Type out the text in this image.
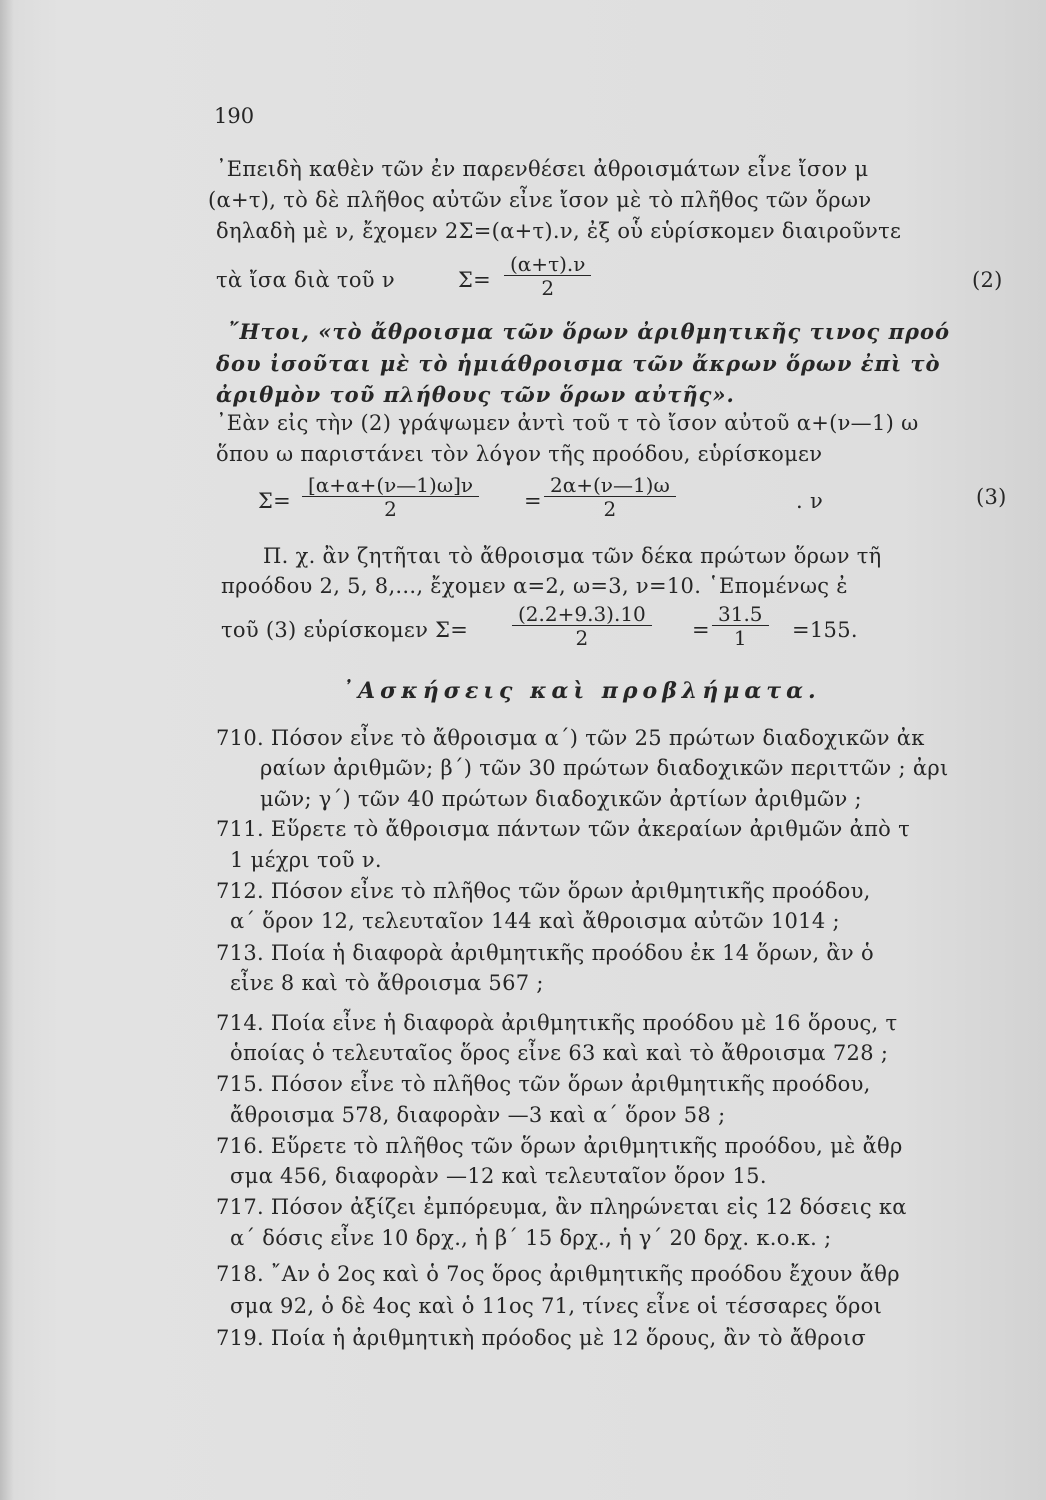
190
᾿Επειδὴ καθὲν τῶν ἐν παρενθέσει ἀθροισμάτων εἶνε ἴσον μ
(α+τ), τὸ δὲ πλῆθος αὐτῶν εἶνε ἴσον μὲ τὸ πλῆθος τῶν ὅρων
δηλαδὴ μὲ ν, ἔχομεν 2Σ=(α+τ).ν, ἐξ οὗ εὑρίσκομεν διαιροῦντε
τὰ ἴσα διὰ τοῦ ν	$\Sigma= \frac{(\alpha+\tau).\nu}{2}$	(2)
῎Ητοι, «τὸ ἄθροισμα τῶν ὅρων ἀριθμητικῆς τινος προό
δου ἰσοῦται μὲ τὸ ἡμιάθροισμα τῶν ἄκρων ὅρων ἐπὶ τὸ
ἀριθμὸν τοῦ πλήθους τῶν ὅρων αὐτῆς».
᾿Εὰν εἰς τὴν (2) γράψωμεν ἀντὶ τοῦ τ τὸ ἴσον αὐτοῦ α+(ν—1) ω
ὅπου ω παριστάνει τὸν λόγον τῆς προόδου, εὑρίσκομεν
$\Sigma= \frac{[\alpha+\alpha+(\nu—1)\omega]\nu}{2} = \frac{2\alpha+(\nu—1)\omega}{2}$	. ν	(3)
Π. χ. ἂν ζητῆται τὸ ἄθροισμα τῶν δέκα πρώτων ὅρων τῆ
προόδου 2, 5, 8,..., ἔχομεν α=2, ω=3, ν=10. ῾Επομένως ἐ
τοῦ (3) εὑρίσκομεν $\Sigma= \frac{(2.2+9.3).10}{2} = \frac{31.5}{1} =155$.
᾿Ασκήσεις καὶ προβλήματα.
710. Πόσον εἶνε τὸ ἄθροισμα α΄) τῶν 25 πρώτων διαδοχικῶν ἀκ
ραίων ἀριθμῶν; β΄) τῶν 30 πρώτων διαδοχικῶν περιττῶν ; ἀρι
μῶν; γ΄) τῶν 40 πρώτων διαδοχικῶν ἀρτίων ἀριθμῶν ;
711. Εὕρετε τὸ ἄθροισμα πάντων τῶν ἀκεραίων ἀριθμῶν ἀπὸ τ
1 μέχρι τοῦ ν.
712. Πόσον εἶνε τὸ πλῆθος τῶν ὅρων ἀριθμητικῆς προόδου,
α΄ ὅρον 12, τελευταῖον 144 καὶ ἄθροισμα αὐτῶν 1014 ;
713. Ποία ἡ διαφορὰ ἀριθμητικῆς προόδου ἐκ 14 ὅρων, ἂν ὁ
εἶνε 8 καὶ τὸ ἄθροισμα 567 ;
714. Ποία εἶνε ἡ διαφορὰ ἀριθμητικῆς προόδου μὲ 16 ὅρους, τ
ὁποίας ὁ τελευταῖος ὅρος εἶνε 63 καὶ καὶ τὸ ἄθροισμα 728 ;
715. Πόσον εἶνε τὸ πλῆθος τῶν ὅρων ἀριθμητικῆς προόδου,
ἄθροισμα 578, διαφορὰν —3 καὶ α΄ ὅρον 58 ;
716. Εὕρετε τὸ πλῆθος τῶν ὅρων ἀριθμητικῆς προόδου, μὲ ἄθρ
σμα 456, διαφορὰν —12 καὶ τελευταῖον ὅρον 15.
717. Πόσον ἀξίζει ἐμπόρευμα, ἂν πληρώνεται εἰς 12 δόσεις κα
α΄ δόσις εἶνε 10 δρχ., ἡ β΄ 15 δρχ., ἡ γ΄ 20 δρχ. κ.ο.κ. ;
718. ῎Αν ὁ 2ος καὶ ὁ 7ος ὅρος ἀριθμητικῆς προόδου ἔχουν ἄθρ
σμα 92, ὁ δὲ 4ος καὶ ὁ 11ος 71, τίνες εἶνε οἱ τέσσαρες ὅροι
719. Ποία ἡ ἀριθμητικὴ πρόοδος μὲ 12 ὅρους, ἂν τὸ ἄθροισ
